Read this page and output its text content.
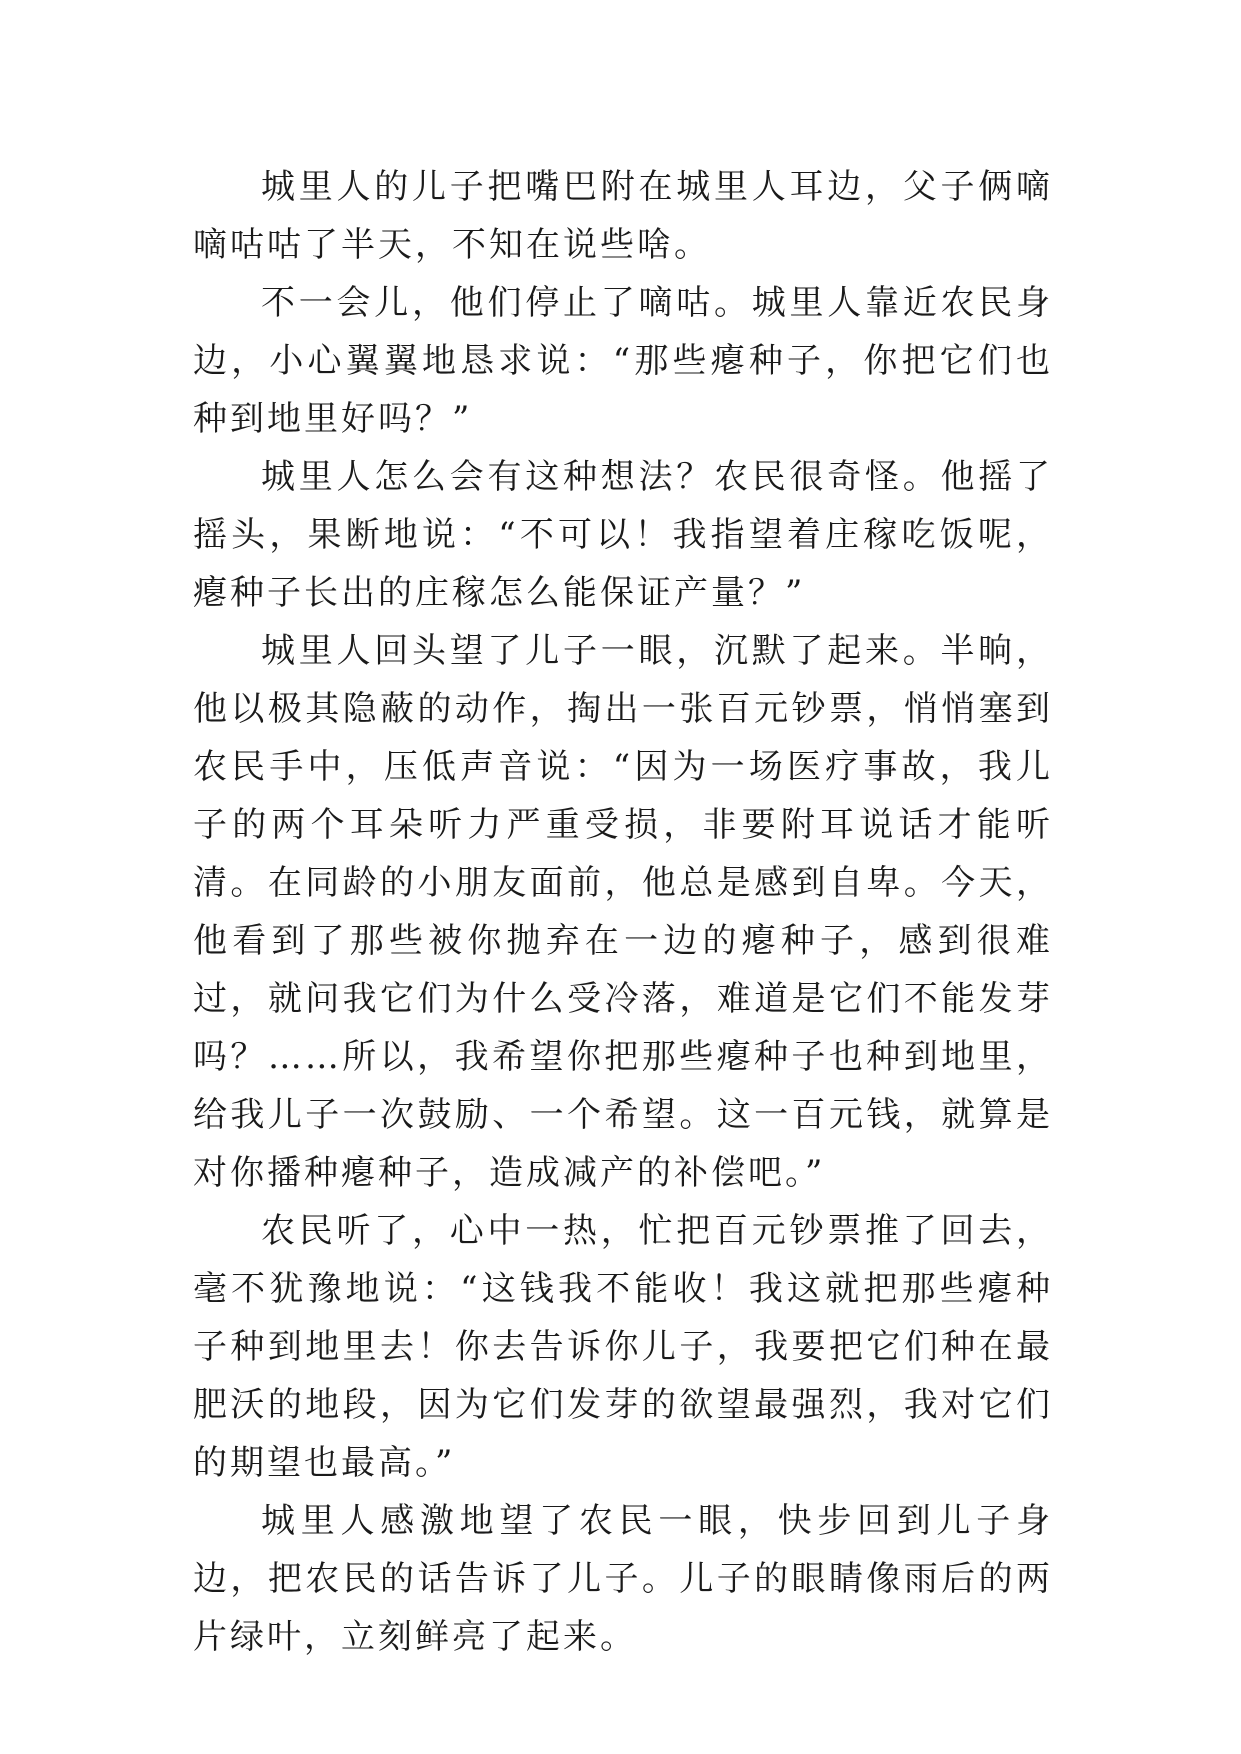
城里人的儿子把嘴巴附在城里人耳边，父子俩嘀嘀咕咕了半天，不知在说些啥。

不一会儿，他们停止了嘀咕。城里人靠近农民身边，小心翼翼地恳求说：“那些瘪种子，你把它们也种到地里好吗？”

城里人怎么会有这种想法？农民很奇怪。他摇了摇头，果断地说：“不可以！我指望着庄稼吃饭呢，瘪种子长出的庄稼怎么能保证产量？”

城里人回头望了儿子一眼，沉默了起来。半晌，他以极其隐蔽的动作，掏出一张百元钞票，悄悄塞到农民手中，压低声音说：“因为一场医疗事故，我儿子的两个耳朵听力严重受损，非要附耳说话才能听清。在同龄的小朋友面前，他总是感到自卑。今天，他看到了那些被你抛弃在一边的瘪种子，感到很难过，就问我它们为什么受冷落，难道是它们不能发芽吗？……所以，我希望你把那些瘪种子也种到地里，给我儿子一次鼓励、一个希望。这一百元钱，就算是对你播种瘪种子，造成减产的补偿吧。”

农民听了，心中一热，忙把百元钞票推了回去，毫不犹豫地说：“这钱我不能收！我这就把那些瘪种子种到地里去！你去告诉你儿子，我要把它们种在最肥沃的地段，因为它们发芽的欲望最强烈，我对它们的期望也最高。”

城里人感激地望了农民一眼，快步回到儿子身边，把农民的话告诉了儿子。儿子的眼睛像雨后的两片绿叶，立刻鲜亮了起来。
